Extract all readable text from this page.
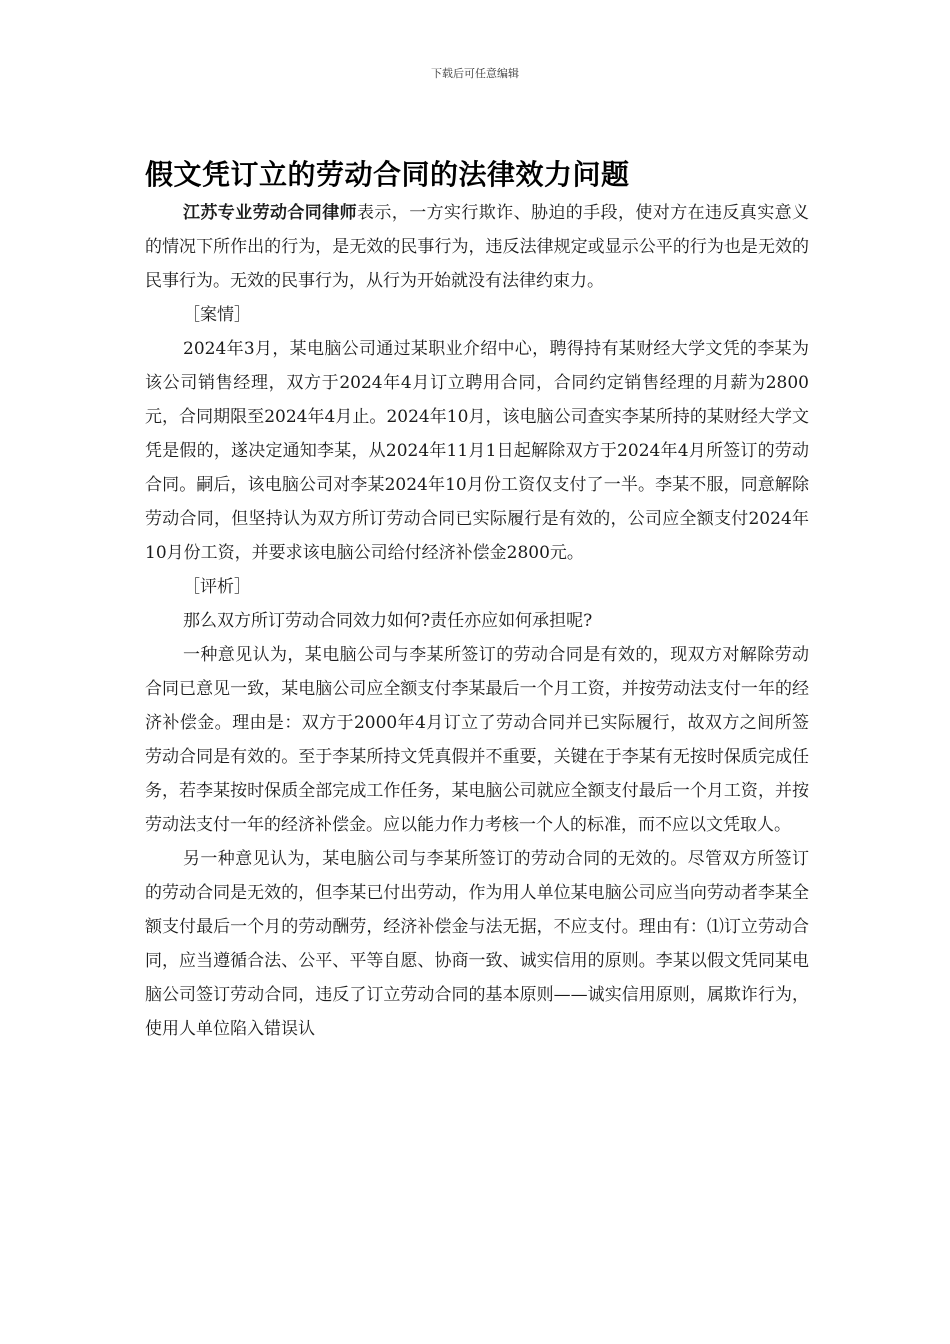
下载后可任意编辑
假文凭订立的劳动合同的法律效力问题

江苏专业劳动合同律师表示，一方实行欺诈、胁迫的手段，使对方在违反真实意义的情况下所作出的行为，是无效的民事行为，违反法律规定或显示公平的行为也是无效的民事行为。无效的民事行为，从行为开始就没有法律约束力。

［案情］

2024年3月，某电脑公司通过某职业介绍中心，聘得持有某财经大学文凭的李某为该公司销售经理，双方于2024年4月订立聘用合同，合同约定销售经理的月薪为2800元，合同期限至2024年4月止。2024年10月，该电脑公司查实李某所持的某财经大学文凭是假的，遂决定通知李某，从2024年11月1日起解除双方于2024年4月所签订的劳动合同。嗣后，该电脑公司对李某2024年10月份工资仅支付了一半。李某不服，同意解除劳动合同，但坚持认为双方所订劳动合同已实际履行是有效的，公司应全额支付2024年10月份工资，并要求该电脑公司给付经济补偿金2800元。

［评析］

那么双方所订劳动合同效力如何?责任亦应如何承担呢?

一种意见认为，某电脑公司与李某所签订的劳动合同是有效的，现双方对解除劳动合同已意见一致，某电脑公司应全额支付李某最后一个月工资，并按劳动法支付一年的经济补偿金。理由是：双方于2000年4月订立了劳动合同并已实际履行，故双方之间所签劳动合同是有效的。至于李某所持文凭真假并不重要，关键在于李某有无按时保质完成任务，若李某按时保质全部完成工作任务，某电脑公司就应全额支付最后一个月工资，并按劳动法支付一年的经济补偿金。应以能力作力考核一个人的标准，而不应以文凭取人。

另一种意见认为，某电脑公司与李某所签订的劳动合同的无效的。尽管双方所签订的劳动合同是无效的，但李某已付出劳动，作为用人单位某电脑公司应当向劳动者李某全额支付最后一个月的劳动酬劳，经济补偿金与法无据，不应支付。理由有：⑴订立劳动合同，应当遵循合法、公平、平等自愿、协商一致、诚实信用的原则。李某以假文凭同某电脑公司签订劳动合同，违反了订立劳动合同的基本原则——诚实信用原则，属欺诈行为，使用人单位陷入错误认
